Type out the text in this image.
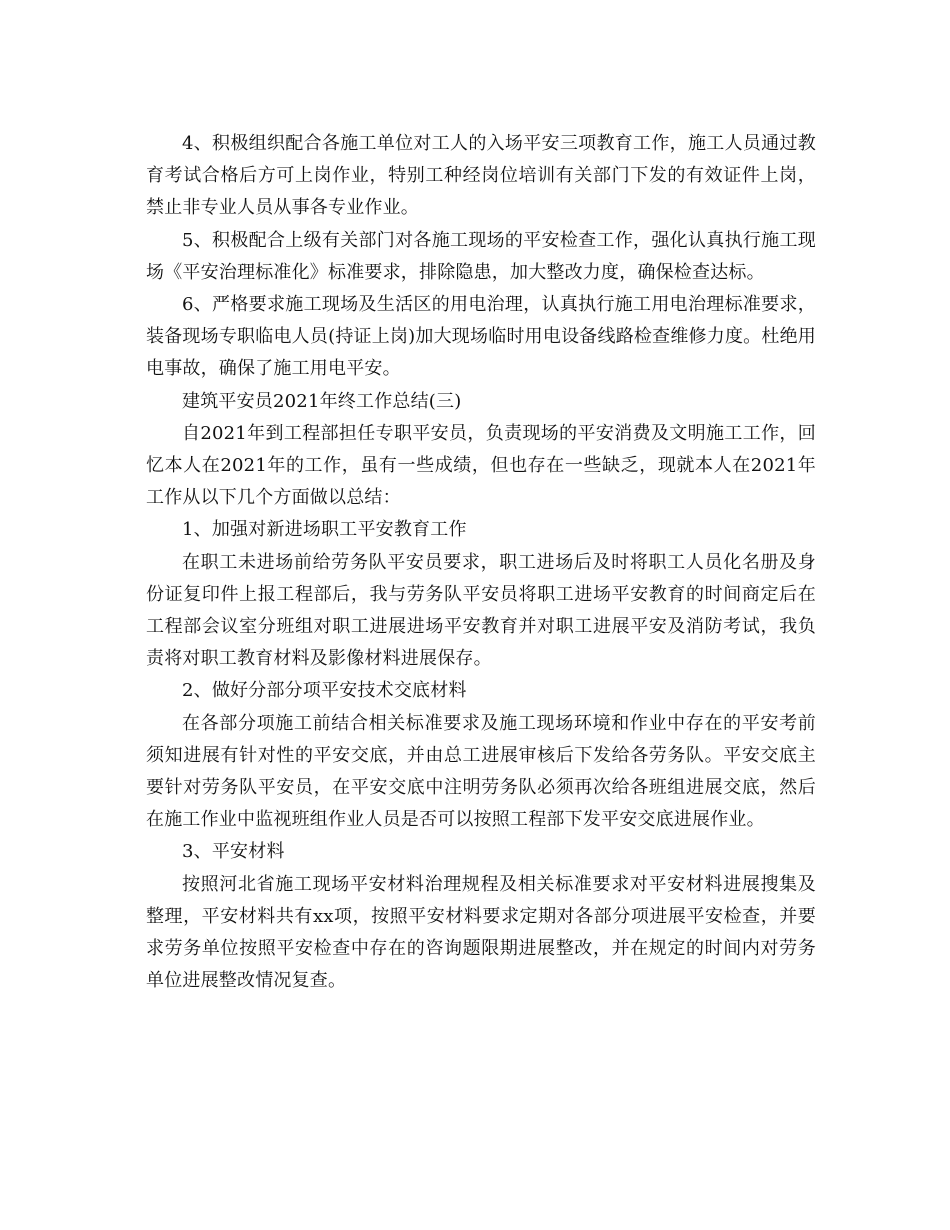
4、积极组织配合各施工单位对工人的入场平安三项教育工作，施工人员通过教育考试合格后方可上岗作业，特别工种经岗位培训有关部门下发的有效证件上岗，禁止非专业人员从事各专业作业。

5、积极配合上级有关部门对各施工现场的平安检查工作，强化认真执行施工现场《平安治理标准化》标准要求，排除隐患，加大整改力度，确保检查达标。

6、严格要求施工现场及生活区的用电治理，认真执行施工用电治理标准要求，装备现场专职临电人员(持证上岗)加大现场临时用电设备线路检查维修力度。杜绝用电事故，确保了施工用电平安。

建筑平安员2021年终工作总结(三)

自2021年到工程部担任专职平安员，负责现场的平安消费及文明施工工作，回忆本人在2021年的工作，虽有一些成绩，但也存在一些缺乏，现就本人在2021年工作从以下几个方面做以总结：

1、加强对新进场职工平安教育工作

在职工未进场前给劳务队平安员要求，职工进场后及时将职工人员化名册及身份证复印件上报工程部后，我与劳务队平安员将职工进场平安教育的时间商定后在工程部会议室分班组对职工进展进场平安教育并对职工进展平安及消防考试，我负责将对职工教育材料及影像材料进展保存。

2、做好分部分项平安技术交底材料

在各部分项施工前结合相关标准要求及施工现场环境和作业中存在的平安考前须知进展有针对性的平安交底，并由总工进展审核后下发给各劳务队。平安交底主要针对劳务队平安员，在平安交底中注明劳务队必须再次给各班组进展交底，然后在施工作业中监视班组作业人员是否可以按照工程部下发平安交底进展作业。

3、平安材料

按照河北省施工现场平安材料治理规程及相关标准要求对平安材料进展搜集及整理，平安材料共有xx项，按照平安材料要求定期对各部分项进展平安检查，并要求劳务单位按照平安检查中存在的咨询题限期进展整改，并在规定的时间内对劳务单位进展整改情况复查。
